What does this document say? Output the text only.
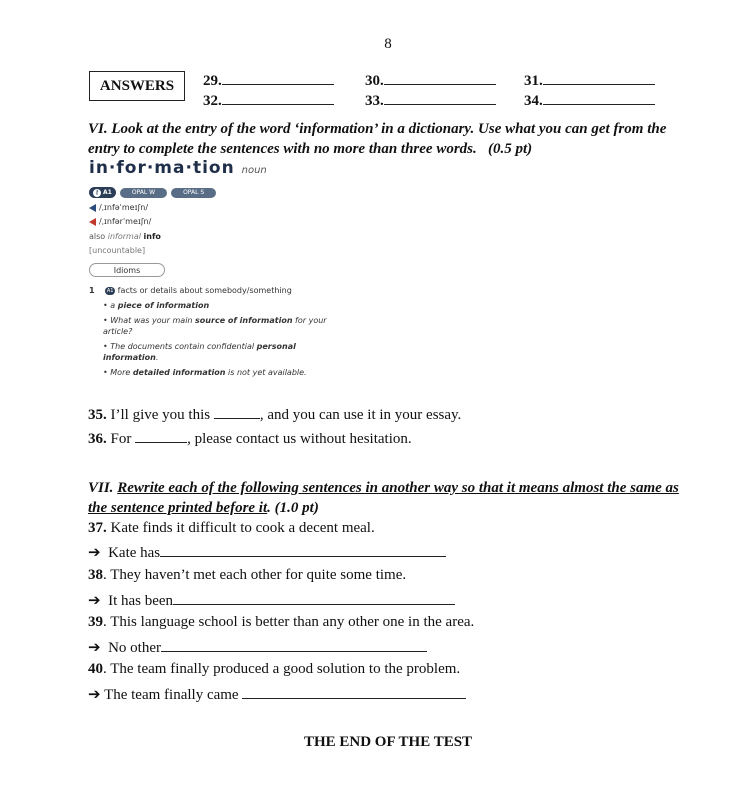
8
ANSWERS	29.	30.	31.
32.	33.	34.
VI. Look at the entry of the word ‘information’ in a dictionary. Use what you can get from the entry to complete the sentences with no more than three words. (0.5 pt)
in·for·ma·tion noun
⚷ A1	OPAL W	OPAL S
/ˌɪnfəˈmeɪʃn/
/ˌɪnfərˈmeɪʃn/
also informal info
[uncountable]
Idioms
1 A1 facts or details about somebody/something
• a piece of information
• What was your main source of information for your article?
• The documents contain confidential personal information.
• More detailed information is not yet available.
35. I’ll give you this	, and you can use it in your essay.
36. For	, please contact us without hesitation.
VII. Rewrite each of the following sentences in another way so that it means almost the same as the sentence printed before it. (1.0 pt)
37. Kate finds it difficult to cook a decent meal.
➔ Kate has
38. They haven’t met each other for quite some time.
➔ It has been
39. This language school is better than any other one in the area.
➔ No other
40. The team finally produced a good solution to the problem.
➔ The team finally came
THE END OF THE TEST
